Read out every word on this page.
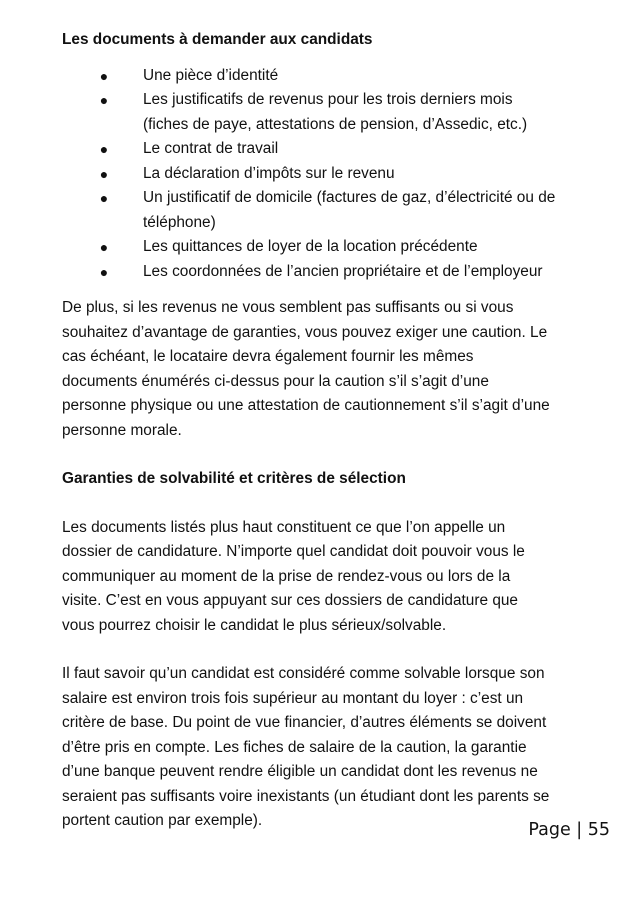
Les documents à demander aux candidats
● Une pièce d’identité
● Les justificatifs de revenus pour les trois derniers mois
(fiches de paye, attestations de pension, d’Assedic, etc.)
● Le contrat de travail
● La déclaration d’impôts sur le revenu
● Un justificatif de domicile (factures de gaz, d’électricité ou de
téléphone)
● Les quittances de loyer de la location précédente
● Les coordonnées de l’ancien propriétaire et de l’employeur

De plus, si les revenus ne vous semblent pas suffisants ou si vous
souhaitez d’avantage de garanties, vous pouvez exiger une caution. Le
cas échéant, le locataire devra également fournir les mêmes
documents énumérés ci-dessus pour la caution s’il s’agit d’une
personne physique ou une attestation de cautionnement s’il s’agit d’une
personne morale.

Garanties de solvabilité et critères de sélection

Les documents listés plus haut constituent ce que l’on appelle un
dossier de candidature. N’importe quel candidat doit pouvoir vous le
communiquer au moment de la prise de rendez-vous ou lors de la
visite. C’est en vous appuyant sur ces dossiers de candidature que
vous pourrez choisir le candidat le plus sérieux/solvable.

Il faut savoir qu’un candidat est considéré comme solvable lorsque son
salaire est environ trois fois supérieur au montant du loyer : c’est un
critère de base. Du point de vue financier, d’autres éléments se doivent
d’être pris en compte. Les fiches de salaire de la caution, la garantie
d’une banque peuvent rendre éligible un candidat dont les revenus ne
seraient pas suffisants voire inexistants (un étudiant dont les parents se
portent caution par exemple).	Page | 55
